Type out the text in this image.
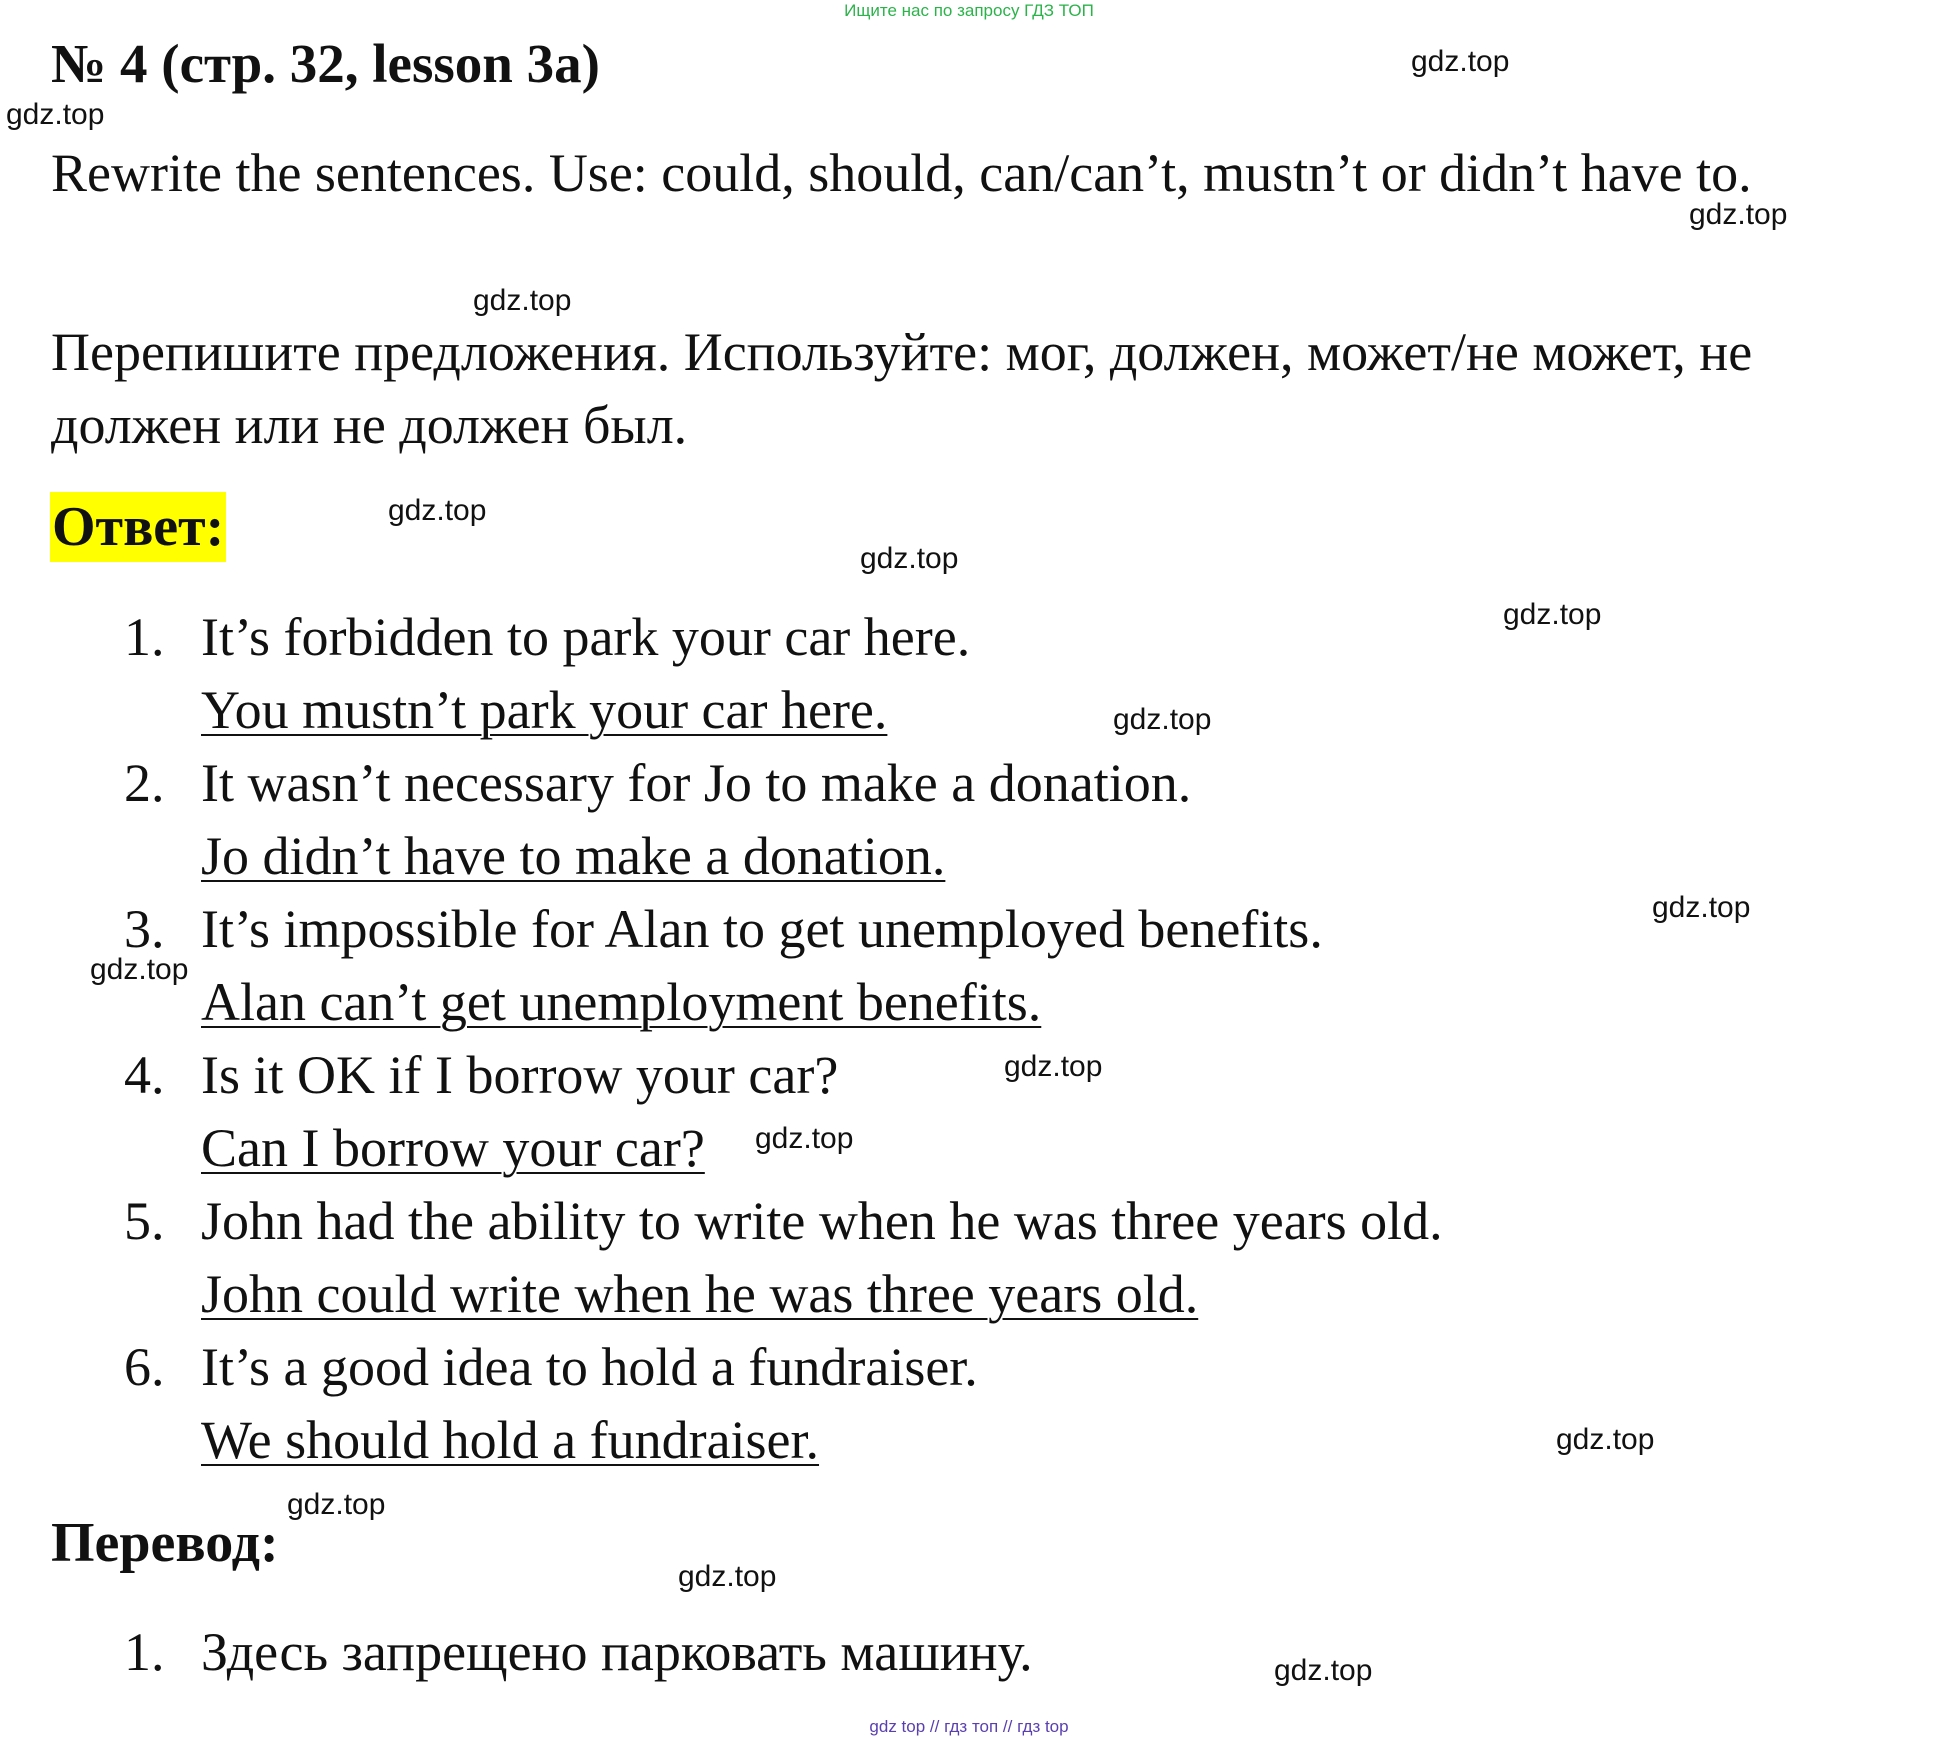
Ищите нас по запросу ГДЗ ТОП
№ 4 (стр. 32, lesson 3a)
Rewrite the sentences. Use: could, should, can/can’t, mustn’t or didn’t have to.
Перепишите предложения. Используйте: мог, должен, может/не может, не должен или не должен был.
Ответ:
1. It’s forbidden to park your car here.
You mustn’t park your car here.
2. It wasn’t necessary for Jo to make a donation.
Jo didn’t have to make a donation.
3. It’s impossible for Alan to get unemployed benefits.
Alan can’t get unemployment benefits.
4. Is it OK if I borrow your car?
Can I borrow your car?
5. John had the ability to write when he was three years old.
John could write when he was three years old.
6. It’s a good idea to hold a fundraiser.
We should hold a fundraiser.
Перевод:
1. Здесь запрещено парковать машину.
gdz.top
gdz.top
gdz.top
gdz.top
gdz.top
gdz.top
gdz.top
gdz.top
gdz.top
gdz.top
gdz.top
gdz.top
gdz.top
gdz.top
gdz.top
gdz.top
gdz top // гдз топ // гдз top
